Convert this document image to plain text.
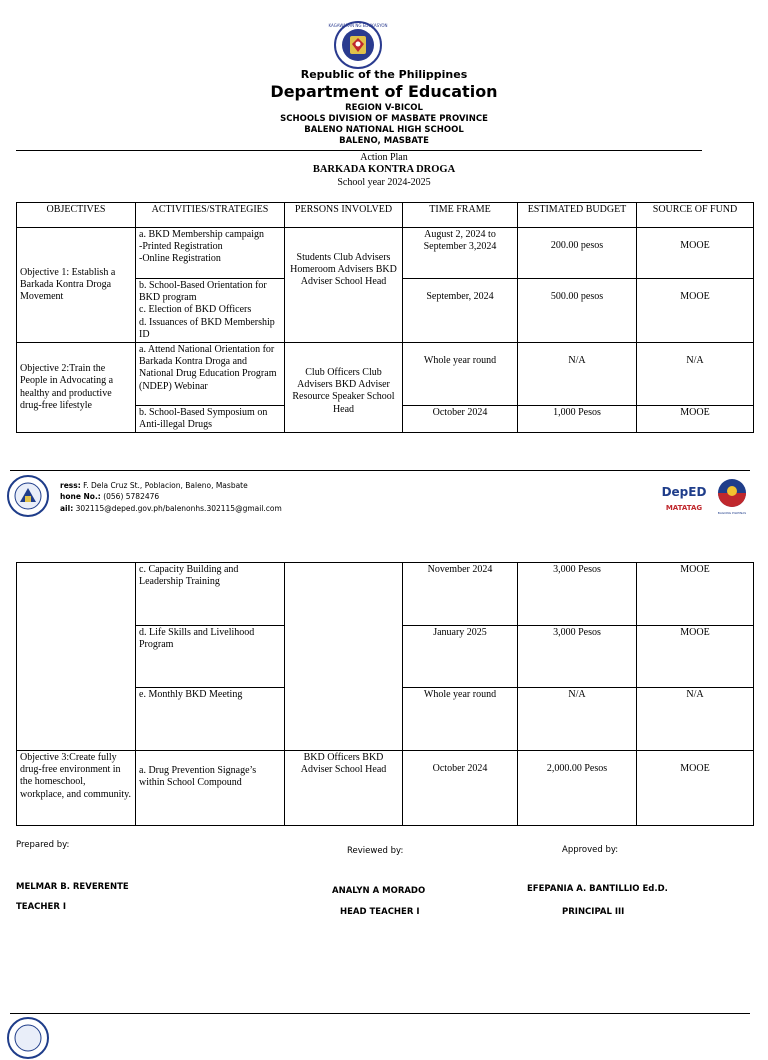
KAGAWARAN NG EDUKASYON
Republic of the Philippines
Department of Education
REGION V-BICOL
SCHOOLS DIVISION OF MASBATE PROVINCE
BALENO NATIONAL HIGH SCHOOL
BALENO, MASBATE
Action Plan
BARKADA KONTRA DROGA
School year 2024-2025
OBJECTIVES	ACTIVITIES/STRATEGIES	PERSONS INVOLVED	TIME FRAME	ESTIMATED BUDGET	SOURCE OF FUND
Objective 1: Establish a Barkada Kontra Droga Movement	a. BKD Membership campaign
-Printed Registration
-Online Registration	Students Club Advisers Homeroom Advisers BKD Adviser School Head	August 2, 2024 to September 3,2024	200.00 pesos	MOOE

	b. School-Based Orientation for BKD program
c. Election of BKD Officers
d. Issuances of BKD Membership ID		September, 2024	500.00 pesos	MOOE
Objective 2:Train the People in Advocating a healthy and productive drug-free lifestyle	a. Attend National Orientation for Barkada Kontra Droga and National Drug Education Program (NDEP) Webinar	Club Officers Club Advisers BKD Adviser Resource Speaker School Head	Whole year round	N/A	N/A
	b. School-Based Symposium on Anti-illegal Drugs		October 2024	1,000 Pesos	MOOE
ress: F. Dela Cruz St., Poblacion, Baleno, Masbate
hone No.: (056) 5782476
ail: 302115@deped.gov.ph/balenonhs.302115@gmail.com
DepED
MATATAG
BAGONG PILIPINAS
	c. Capacity Building and Leadership Training		November 2024	3,000 Pesos	MOOE
	d. Life Skills and Livelihood Program		January 2025	3,000 Pesos	MOOE
	e. Monthly BKD Meeting		Whole year round	N/A	N/A
Objective 3:Create fully drug-free environment in the homeschool, workplace, and community.	a. Drug Prevention Signage’s within School Compound	BKD Officers BKD Adviser School Head	October 2024	2,000.00 Pesos	MOOE
Prepared by:
Reviewed by:	Approved by:
MELMAR B. REVERENTE	ANALYN A MORADO	EFEPANIA A. BANTILLIO Ed.D.
TEACHER I	HEAD TEACHER I	PRINCIPAL III
